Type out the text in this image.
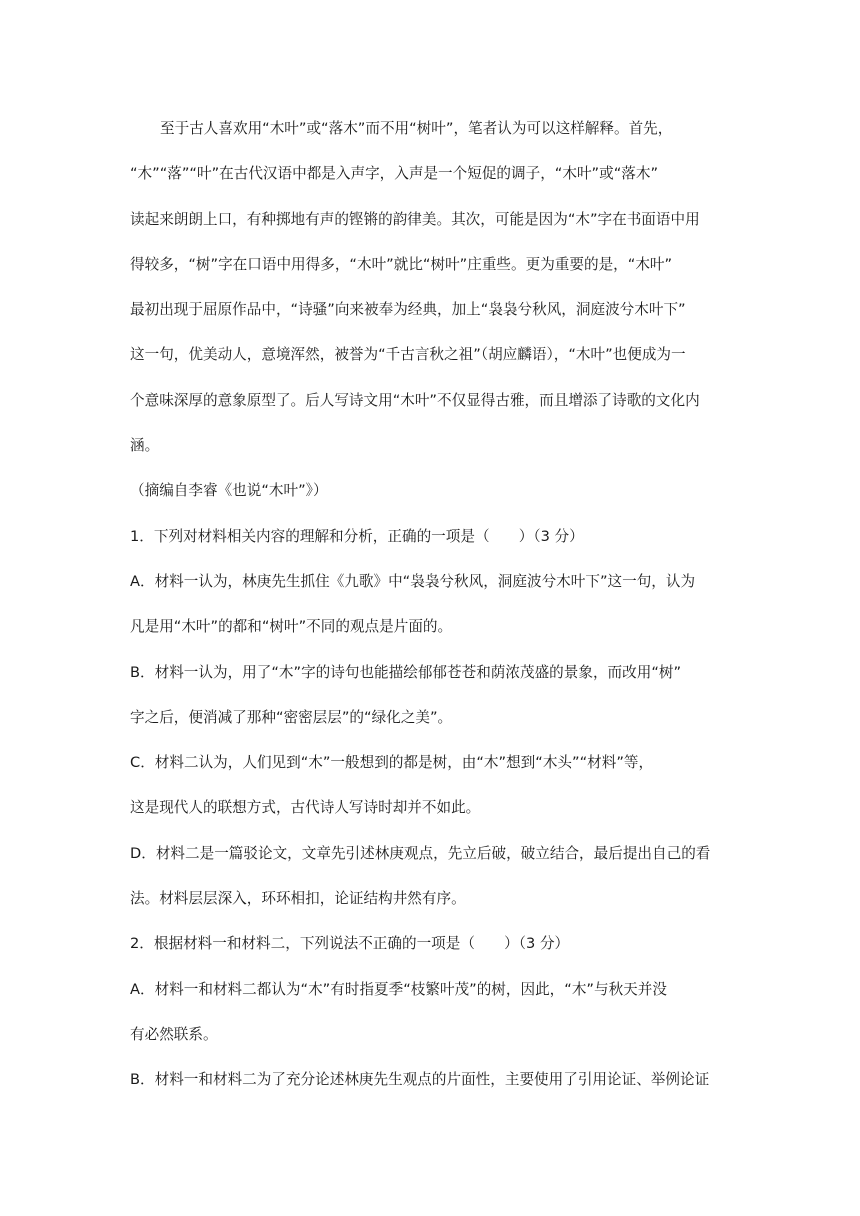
至于古人喜欢用“木叶”或“落木”而不用“树叶”，笔者认为可以这样解释。首先，
“木”“落”“叶”在古代汉语中都是入声字，入声是一个短促的调子，“木叶”或“落木”
读起来朗朗上口，有种掷地有声的铿锵的韵律美。其次，可能是因为“木”字在书面语中用
得较多，“树”字在口语中用得多，“木叶”就比“树叶”庄重些。更为重要的是，“木叶”
最初出现于屈原作品中，“诗骚”向来被奉为经典，加上“袅袅兮秋风，洞庭波兮木叶下”
这一句，优美动人，意境浑然，被誉为“千古言秋之祖”（胡应麟语），“木叶”也便成为一
个意味深厚的意象原型了。后人写诗文用“木叶”不仅显得古雅，而且增添了诗歌的文化内
涵。
（摘编自李睿《也说“木叶”》）
1．下列对材料相关内容的理解和分析，正确的一项是（　　）（3 分）
A．材料一认为，林庚先生抓住《九歌》中“袅袅兮秋风，洞庭波兮木叶下”这一句，认为
凡是用“木叶”的都和“树叶”不同的观点是片面的。
B．材料一认为，用了“木”字的诗句也能描绘郁郁苍苍和荫浓茂盛的景象，而改用“树”
字之后，便消减了那种“密密层层”的“绿化之美”。
C．材料二认为，人们见到“木”一般想到的都是树，由“木”想到“木头”“材料”等，
这是现代人的联想方式，古代诗人写诗时却并不如此。
D．材料二是一篇驳论文，文章先引述林庚观点，先立后破，破立结合，最后提出自己的看
法。材料层层深入，环环相扣，论证结构井然有序。
2．根据材料一和材料二，下列说法不正确的一项是（　　）（3 分）
A．材料一和材料二都认为“木”有时指夏季“枝繁叶茂”的树，因此，“木”与秋天并没
有必然联系。
B．材料一和材料二为了充分论述林庚先生观点的片面性，主要使用了引用论证、举例论证
